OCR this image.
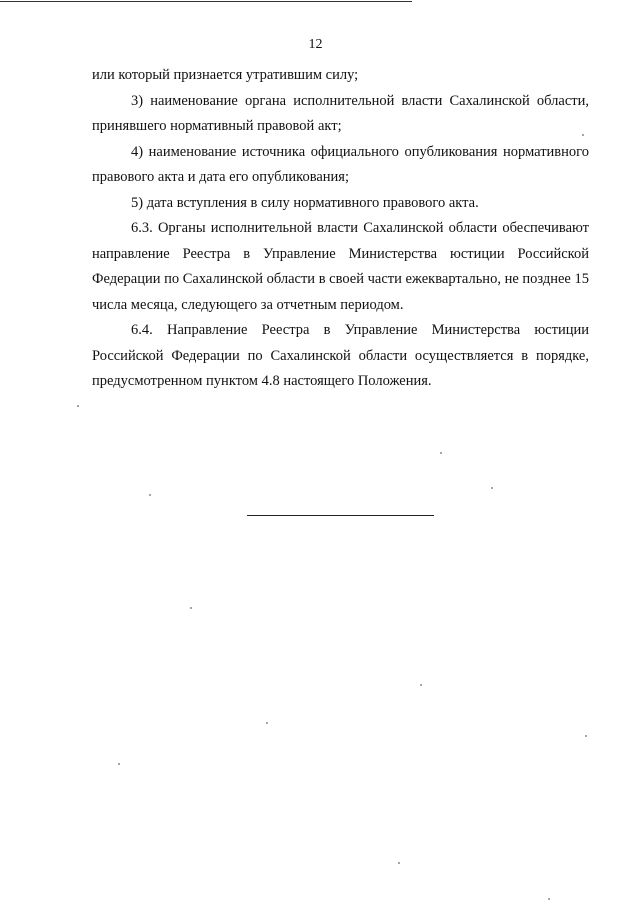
12

или который признается утратившим силу;

3) наименование органа исполнительной власти Сахалинской области, принявшего нормативный правовой акт;

4) наименование источника официального опубликования нормативного правового акта и дата его опубликования;

5) дата вступления в силу нормативного правового акта.

6.3. Органы исполнительной власти Сахалинской области обеспечивают направление Реестра в Управление Министерства юстиции Российской Федерации по Сахалинской области в своей части ежеквартально, не позднее 15 числа месяца, следующего за отчетным периодом.

6.4. Направление Реестра в Управление Министерства юстиции Российской Федерации по Сахалинской области осуществляется в порядке, предусмотренном пунктом 4.8 настоящего Положения.
